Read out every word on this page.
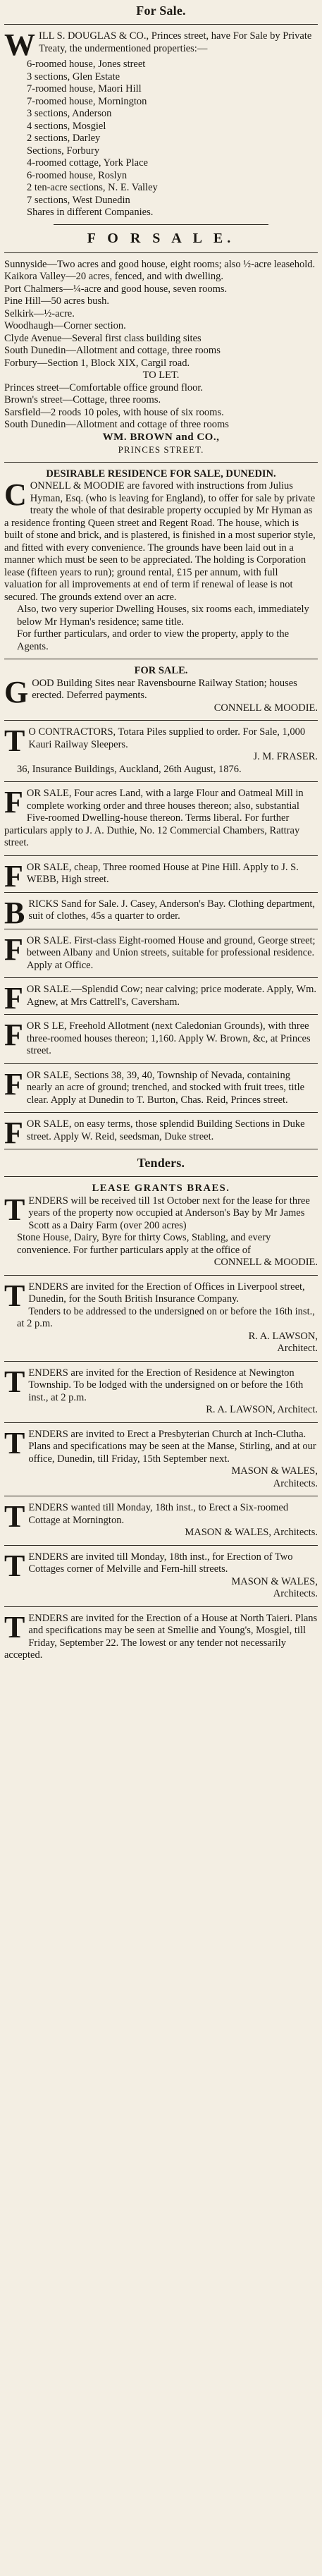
For Sale.
W ILL S. DOUGLAS & CO., Princes street, have For Sale by Private Treaty, the undermentioned properties:—

6-roomed house, Jones street
3 sections, Glen Estate
7-roomed house, Maori Hill
7-roomed house, Mornington
3 sections, Anderson
4 sections, Mosgiel
2 sections, Darley
Sections, Forbury
4-roomed cottage, York Place
6-roomed house, Roslyn
2 ten-acre sections, N. E. Valley
7 sections, West Dunedin
Shares in different Companies.
F O R S A L E.

Sunnyside—Two acres and good house, eight rooms; also ½-acre leasehold.

Kaikora Valley—20 acres, fenced, and with dwelling.

Port Chalmers—¼-acre and good house, seven rooms.

Pine Hill—50 acres bush.

Selkirk—½-acre.

Woodhaugh—Corner section.

Clyde Avenue—Several first class building sites

South Dunedin—Allotment and cottage, three rooms

Forbury—Section 1, Block XIX, Cargil road.

TO LET.

Princes street—Comfortable office ground floor.

Brown's street—Cottage, three rooms.

Sarsfield—2 roods 10 poles, with house of six rooms.

South Dunedin—Allotment and cottage of three rooms

WM. BROWN and CO.,
PRINCES STREET.
DESIRABLE RESIDENCE FOR SALE, DUNEDIN.
C ONNELL & MOODIE are favored with instructions from Julius Hyman, Esq. (who is leaving for England), to offer for sale by private treaty the whole of that desirable property occupied by Mr Hyman as a residence fronting Queen street and Regent Road. The house, which is built of stone and brick, and is plastered, is finished in a most superior style, and fitted with every convenience. The grounds have been laid out in a manner which must be seen to be appreciated. The holding is Corporation lease (fifteen years to run); ground rental, £15 per annum, with full valuation for all improvements at end of term if renewal of lease is not secured. The grounds extend over an acre.

Also, two very superior Dwelling Houses, six rooms each, immediately below Mr Hyman's residence; same title.

For further particulars, and order to view the property, apply to the Agents.

FOR SALE.
G OOD Building Sites near Ravensbourne Railway Station; houses erected. Deferred payments.

CONNELL & MOODIE.
T O CONTRACTORS, Totara Piles supplied to order. For Sale, 1,000 Kauri Railway Sleepers.

J. M. FRASER.
36, Insurance Buildings, Auckland, 26th August, 1876.
F OR SALE, Four acres Land, with a large Flour and Oatmeal Mill in complete working order and three houses thereon; also, substantial Five-roomed Dwelling-house thereon. Terms liberal. For further particulars apply to J. A. Duthie, No. 12 Commercial Chambers, Rattray street.

F OR SALE, cheap, Three roomed House at Pine Hill. Apply to J. S. WEBB, High street.

B RICKS Sand for Sale. J. Casey, Anderson's Bay. Clothing department, suit of clothes, 45s a quarter to order.

F OR SALE. First-class Eight-roomed House and ground, George street; between Albany and Union streets, suitable for professional residence. Apply at Office.

F OR SALE.—Splendid Cow; near calving; price moderate. Apply, Wm. Agnew, at Mrs Cattrell's, Caversham.

F OR S LE, Freehold Allotment (next Caledonian Grounds), with three three-roomed houses thereon; 1,160. Apply W. Brown, &c, at Princes street.

F OR SALE, Sections 38, 39, 40, Township of Nevada, containing nearly an acre of ground; trenched, and stocked with fruit trees, title clear. Apply at Dunedin to T. Burton, Chas. Reid, Princes street.

F OR SALE, on easy terms, those splendid Building Sections in Duke street. Apply W. Reid, seedsman, Duke street.

Tenders.
LEASE GRANTS BRAES.
T ENDERS will be received till 1st October next for the lease for three years of the property now occupied at Anderson's Bay by Mr James Scott as a Dairy Farm (over 200 acres)

Stone House, Dairy, Byre for thirty Cows, Stabling, and every convenience. For further particulars apply at the office of

CONNELL & MOODIE.
T ENDERS are invited for the Erection of Offices in Liverpool street, Dunedin, for the South British Insurance Company.

Tenders to be addressed to the undersigned on or before the 16th inst., at 2 p.m.

R. A. LAWSON,
Architect.
T ENDERS are invited for the Erection of Residence at Newington Township. To be lodged with the undersigned on or before the 16th inst., at 2 p.m.

R. A. LAWSON, Architect.
T ENDERS are invited to Erect a Presbyterian Church at Inch-Clutha. Plans and specifications may be seen at the Manse, Stirling, and at our office, Dunedin, till Friday, 15th September next.

MASON & WALES,
Architects.
T ENDERS wanted till Monday, 18th inst., to Erect a Six-roomed Cottage at Mornington.

MASON & WALES, Architects.
T ENDERS are invited till Monday, 18th inst., for Erection of Two Cottages corner of Melville and Fern-hill streets.

MASON & WALES,
Architects.
T ENDERS are invited for the Erection of a House at North Taieri. Plans and specifications may be seen at Smellie and Young's, Mosgiel, till Friday, September 22. The lowest or any tender not necessarily accepted.
